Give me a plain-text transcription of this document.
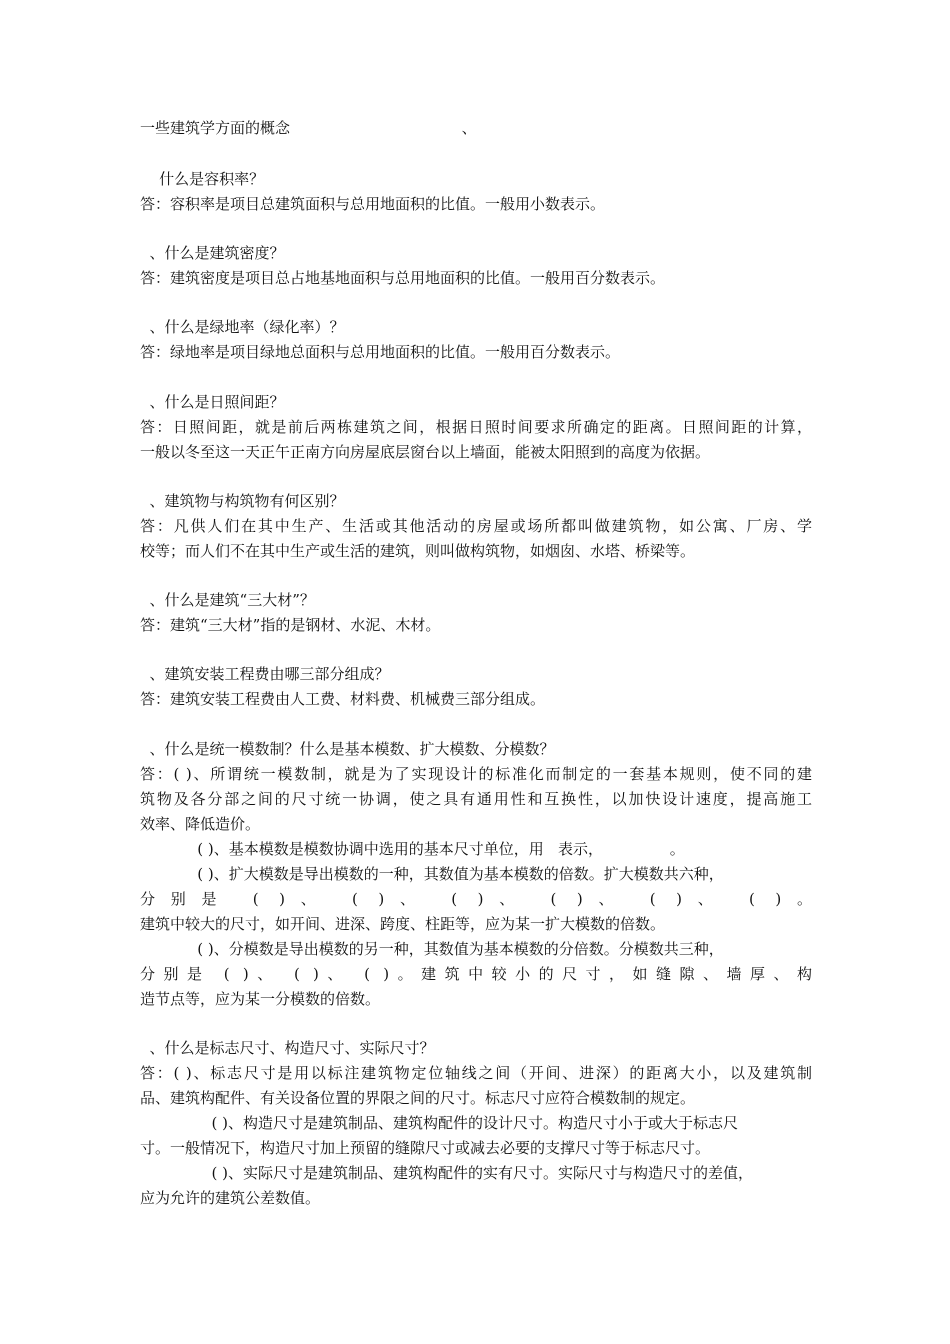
一些建筑学方面的概念                                    、
什么是容积率？
答：容积率是项目总建筑面积与总用地面积的比值。一般用小数表示。
、什么是建筑密度？
答：建筑密度是项目总占地基地面积与总用地面积的比值。一般用百分数表示。
、什么是绿地率（绿化率）？
答：绿地率是项目绿地总面积与总用地面积的比值。一般用百分数表示。
、什么是日照间距？
答：日照间距，就是前后两栋建筑之间，根据日照时间要求所确定的距离。日照间距的计算，
一般以冬至这一天正午正南方向房屋底层窗台以上墙面，能被太阳照到的高度为依据。
、建筑物与构筑物有何区别？
答：凡供人们在其中生产、生活或其他活动的房屋或场所都叫做建筑物，如公寓、厂房、学
校等；而人们不在其中生产或生活的建筑，则叫做构筑物，如烟囱、水塔、桥梁等。
、什么是建筑“三大材”？
答：建筑“三大材”指的是钢材、水泥、木材。
、建筑安装工程费由哪三部分组成？
答：建筑安装工程费由人工费、材料费、机械费三部分组成。
、什么是统一模数制？什么是基本模数、扩大模数、分模数？
答：( )、所谓统一模数制，就是为了实现设计的标准化而制定的一套基本规则，使不同的建
筑物及各分部之间的尺寸统一协调，使之具有通用性和互换性，以加快设计速度，提高施工
效率、降低造价。
( )、基本模数是模数协调中选用的基本尺寸单位，用   表示，              。
( )、扩大模数是导出模数的一种，其数值为基本模数的倍数。扩大模数共六种，
分别是 ( )、 ( )、 ( )、 ( )、 ( )、 ( )。
建筑中较大的尺寸，如开间、进深、跨度、柱距等，应为某一扩大模数的倍数。
( )、分模数是导出模数的另一种，其数值为基本模数的分倍数。分模数共三种，
分别是 ( )、 ( )、 ( )。建筑中较小的尺寸，如缝隙、墙厚、构
造节点等，应为某一分模数的倍数。
、什么是标志尺寸、构造尺寸、实际尺寸？
答：( )、标志尺寸是用以标注建筑物定位轴线之间（开间、进深）的距离大小，以及建筑制
品、建筑构配件、有关设备位置的界限之间的尺寸。标志尺寸应符合模数制的规定。
( )、构造尺寸是建筑制品、建筑构配件的设计尺寸。构造尺寸小于或大于标志尺
寸。一般情况下，构造尺寸加上预留的缝隙尺寸或减去必要的支撑尺寸等于标志尺寸。
( )、实际尺寸是建筑制品、建筑构配件的实有尺寸。实际尺寸与构造尺寸的差值，
应为允许的建筑公差数值。
